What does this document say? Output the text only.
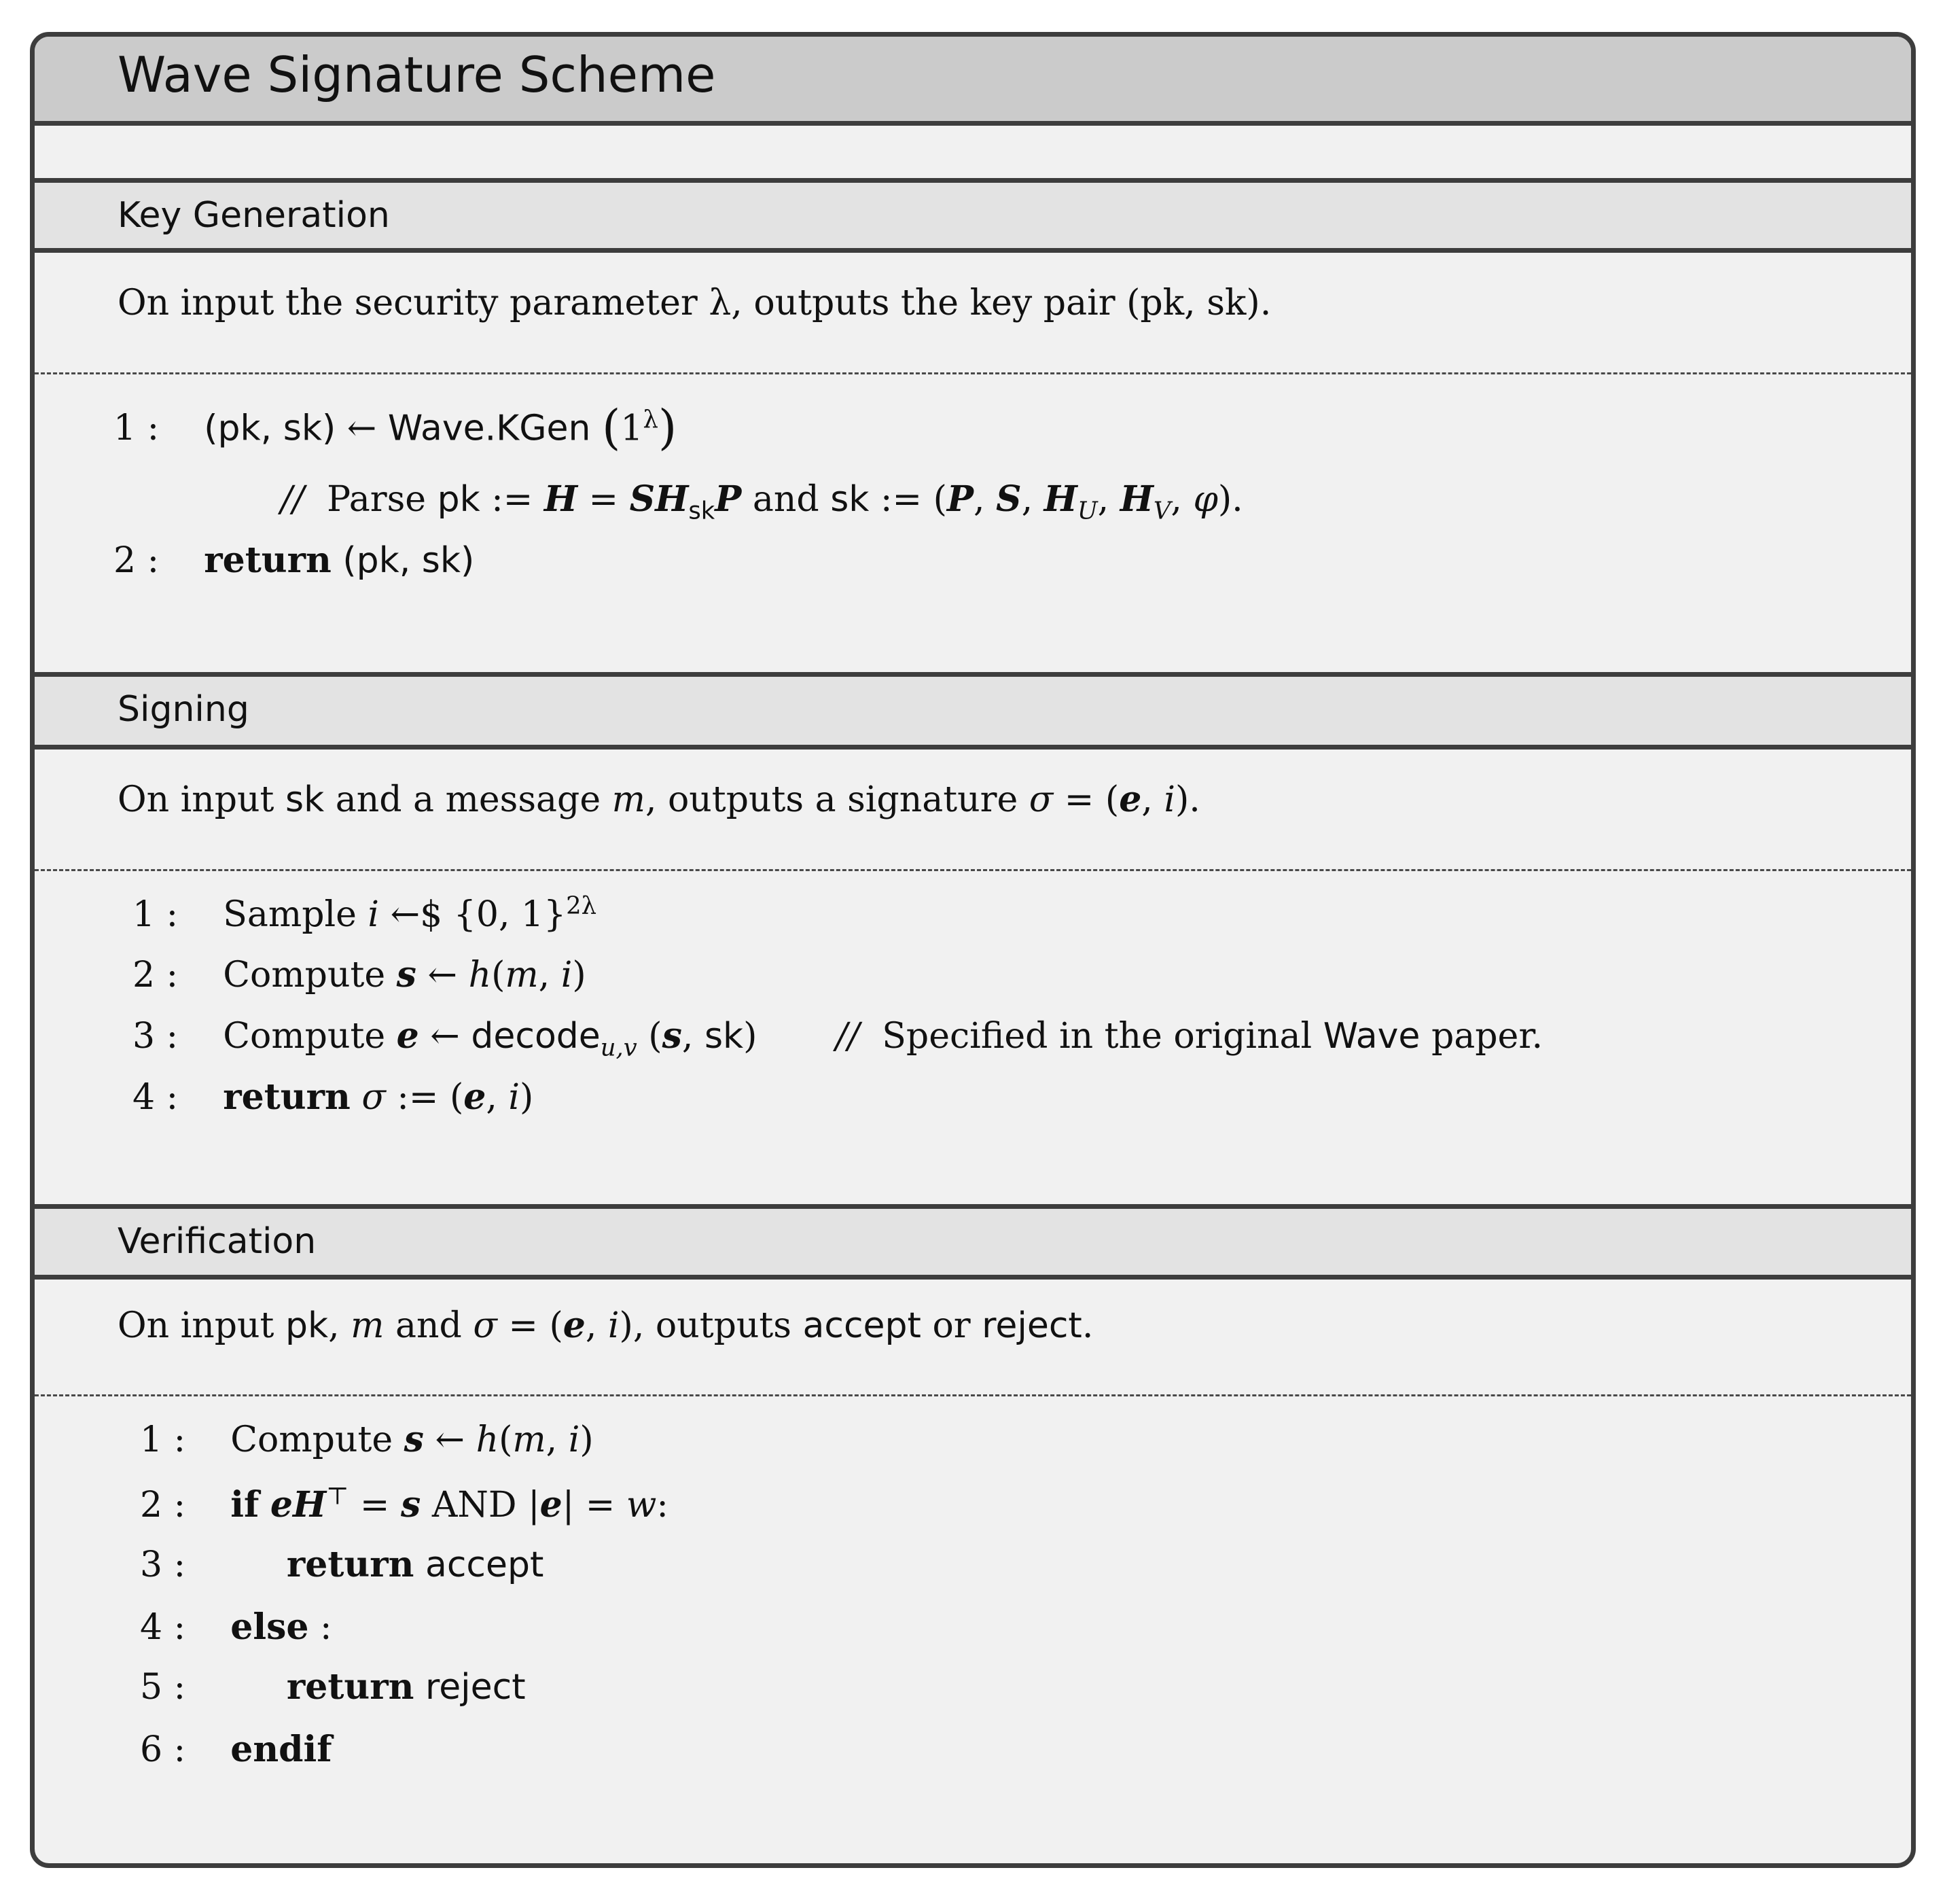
Wave Signature Scheme
Key Generation
On input the security parameter λ, outputs the key pair (pk, sk).
1 : (pk, sk) ← Wave.KGen $(1^\lambda)$
//  Parse pk := $H = SH_{sk}P$ and sk := (P, S, $H_U$, $H_V$, φ).
2 : return (pk, sk)
Signing
On input sk and a message m, outputs a signature σ = (e, i).
1 :    Sample i ←$ {0, 1}$^{2\lambda}$
2 :    Compute s ← h(m, i)
3 :    Compute e ← decode$_{u,v}$ (s, sk)       //  Specified in the original Wave paper.
4 : return σ := (e, i)
Verification
On input pk, m and σ = (e, i), outputs accept or reject.
1 :    Compute s ← h(m, i)
2 : if eH⊤ = s AND |e| = w:
3 :	return accept
4 : else :
5 :	return reject
6 : endif
